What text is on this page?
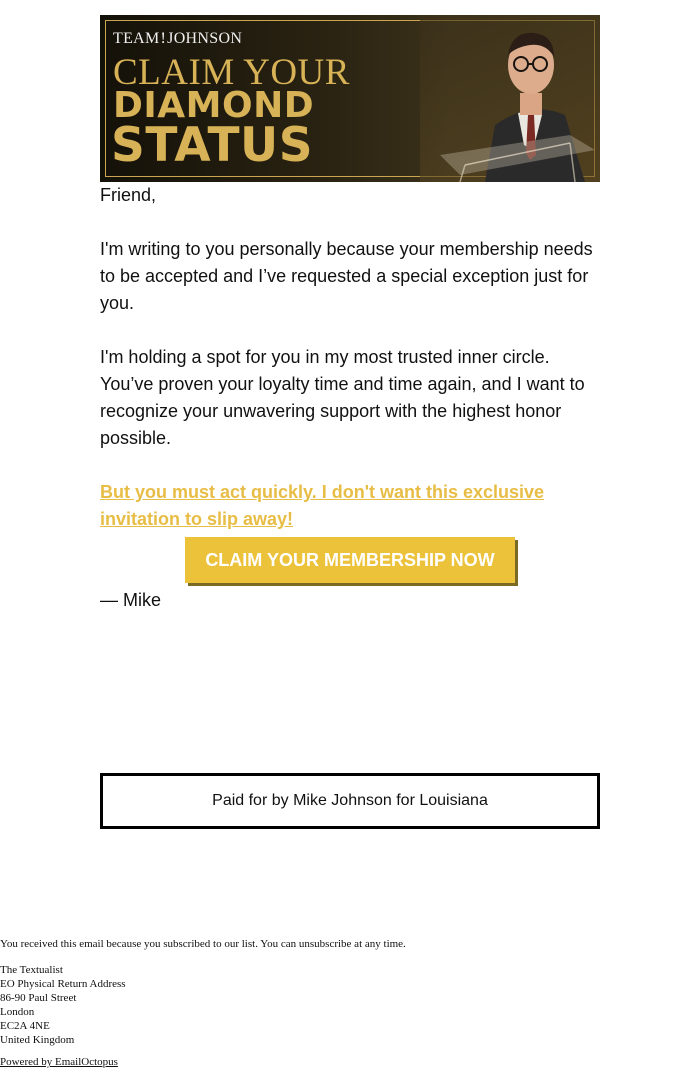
TEAMǃJOHNSON
CLAIM YOUR
DIAMOND
STATUS

Friend,

I'm writing to you personally because your membership needs to be accepted and I’ve requested a special exception just for you.

I'm holding a spot for you in my most trusted inner circle. You’ve proven your loyalty time and time again, and I want to recognize your unwavering support with the highest honor possible.

But you must act quickly. I don't want this exclusive invitation to slip away!
CLAIM YOUR MEMBERSHIP NOW

— Mike

Paid for by Mike Johnson for Louisiana

You received this email because you subscribed to our list. You can unsubscribe at any time.

The Textualist

EO Physical Return Address

86-90 Paul Street

London

EC2A 4NE

United Kingdom

Powered by EmailOctopus
